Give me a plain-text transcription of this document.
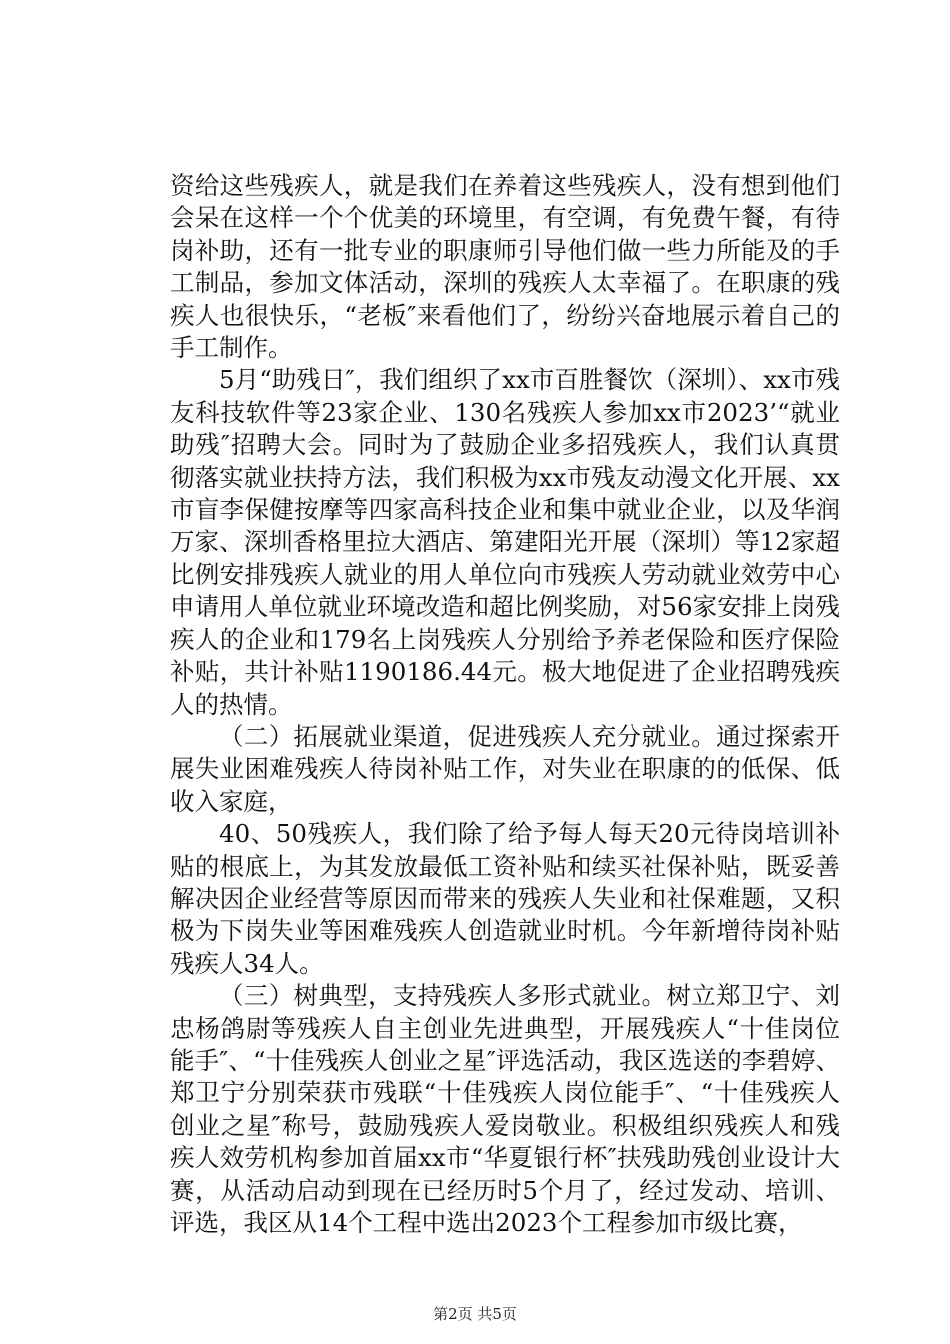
资给这些残疾人，就是我们在养着这些残疾人，没有想到他们会呆在这样一个个优美的环境里，有空调，有免费午餐，有待岗补助，还有一批专业的职康师引导他们做一些力所能及的手工制品，参加文体活动，深圳的残疾人太幸福了。在职康的残疾人也很快乐，“老板″来看他们了，纷纷兴奋地展示着自己的手工制作。

5月“助残日″，我们组织了xx市百胜餐饮（深圳）、xx市残友科技软件等23家企业、130名残疾人参加xx市2023’“就业助残″招聘大会。同时为了鼓励企业多招残疾人，我们认真贯彻落实就业扶持方法，我们积极为xx市残友动漫文化开展、xx市盲李保健按摩等四家高科技企业和集中就业企业，以及华润万家、深圳香格里拉大酒店、第建阳光开展（深圳）等12家超比例安排残疾人就业的用人单位向市残疾人劳动就业效劳中心申请用人单位就业环境改造和超比例奖励，对56家安排上岗残疾人的企业和179名上岗残疾人分别给予养老保险和医疗保险补贴，共计补贴1190186.44元。极大地促进了企业招聘残疾人的热情。

（二）拓展就业渠道，促进残疾人充分就业。通过探索开展失业困难残疾人待岗补贴工作，对失业在职康的的低保、低收入家庭，

40、50残疾人，我们除了给予每人每天20元待岗培训补贴的根底上，为其发放最低工资补贴和续买社保补贴，既妥善解决因企业经营等原因而带来的残疾人失业和社保难题，又积极为下岗失业等困难残疾人创造就业时机。今年新增待岗补贴残疾人34人。

（三）树典型，支持残疾人多形式就业。树立郑卫宁、刘忠杨鸽尉等残疾人自主创业先进典型，开展残疾人“十佳岗位能手″、“十佳残疾人创业之星″评选活动，我区选送的李碧婷、郑卫宁分别荣获市残联“十佳残疾人岗位能手″、“十佳残疾人创业之星″称号，鼓励残疾人爱岗敬业。积极组织残疾人和残疾人效劳机构参加首届xx市“华夏银行杯″扶残助残创业设计大赛，从活动启动到现在已经历时5个月了，经过发动、培训、评选，我区从14个工程中选出2023个工程参加市级比赛，

第2页 共5页
